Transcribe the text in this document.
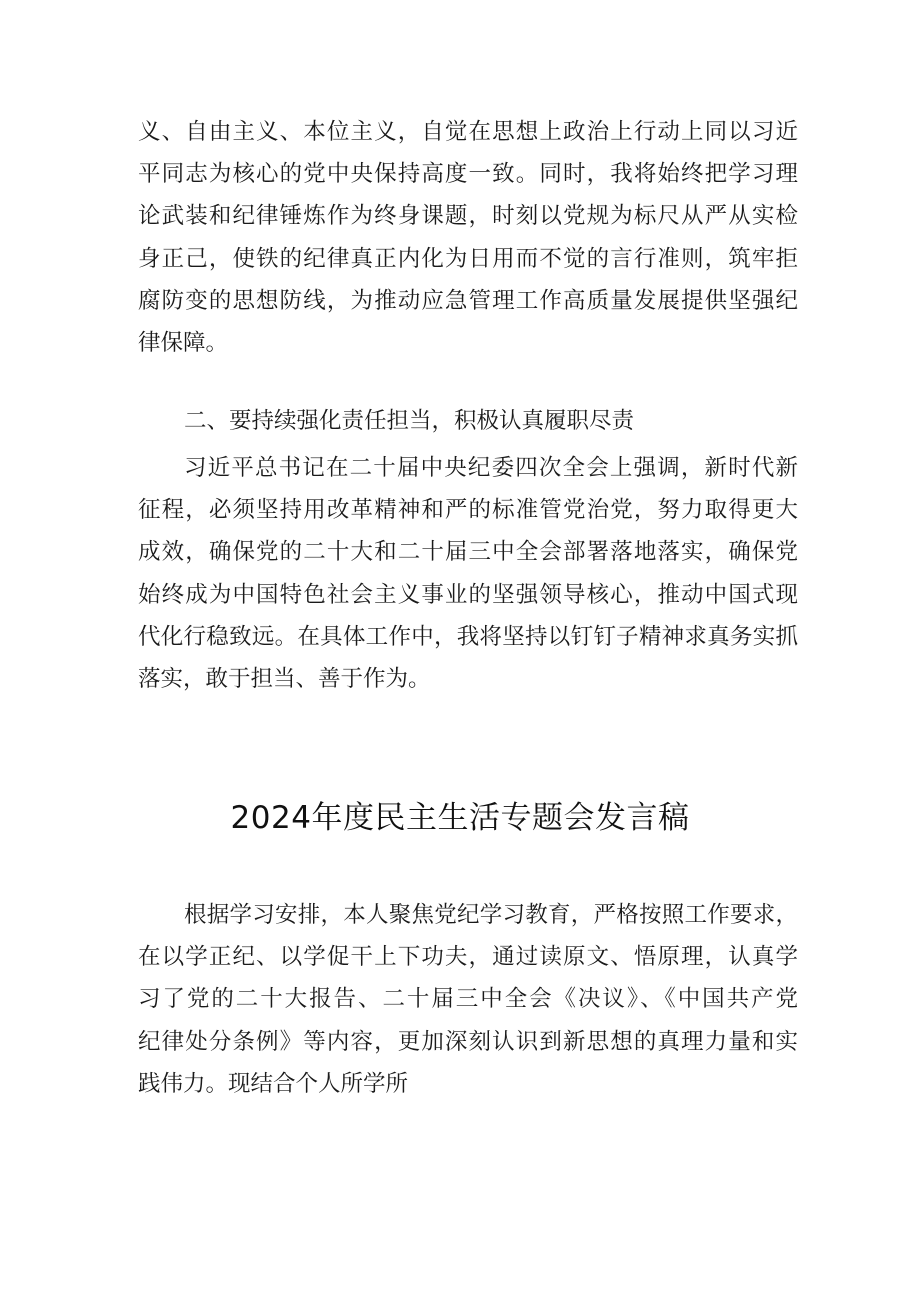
义、自由主义、本位主义，自觉在思想上政治上行动上同以习近
平同志为核心的党中央保持高度一致。同时，我将始终把学习理
论武装和纪律锤炼作为终身课题，时刻以党规为标尺从严从实检
身正己，使铁的纪律真正内化为日用而不觉的言行准则，筑牢拒
腐防变的思想防线，为推动应急管理工作高质量发展提供坚强纪
律保障。
二、要持续强化责任担当，积极认真履职尽责
习近平总书记在二十届中央纪委四次全会上强调，新时代新
征程，必须坚持用改革精神和严的标准管党治党，努力取得更大
成效，确保党的二十大和二十届三中全会部署落地落实，确保党
始终成为中国特色社会主义事业的坚强领导核心，推动中国式现
代化行稳致远。在具体工作中，我将坚持以钉钉子精神求真务实抓
落实，敢于担当、善于作为。
2024年度民主生活专题会发言稿
根据学习安排，本人聚焦党纪学习教育，严格按照工作要求，
在以学正纪、以学促干上下功夫，通过读原文、悟原理，认真学
习了党的二十大报告、二十届三中全会《决议》、《中国共产党
纪律处分条例》等内容，更加深刻认识到新思想的真理力量和实
践伟力。现结合个人所学所
